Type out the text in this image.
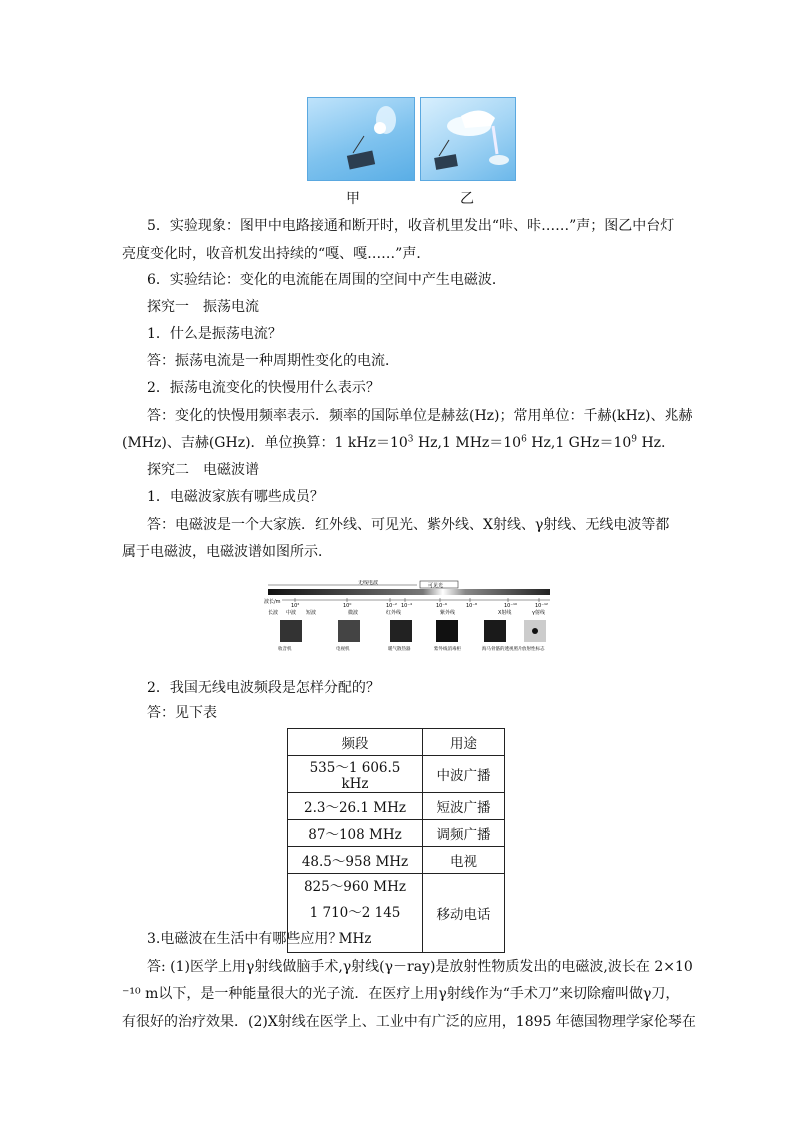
甲	乙
5．实验现象：图甲中电路接通和断开时，收音机里发出“咔、咔……”声；图乙中台灯
亮度变化时，收音机发出持续的“嘎、嘎……”声．
6．实验结论：变化的电流能在周围的空间中产生电磁波．
探究一　振荡电流
1．什么是振荡电流？
答：振荡电流是一种周期性变化的电流．
2．振荡电流变化的快慢用什么表示？
答：变化的快慢用频率表示．频率的国际单位是赫兹(Hz)；常用单位：千赫(kHz)、兆赫
(MHz)、吉赫(GHz)．单位换算：1 $kHz=10^3$ Hz,1 $MHz=10^6$ Hz,1 $GHz=10^9$ Hz.
探究二　电磁波谱
1．电磁波家族有哪些成员？
答：电磁波是一个大家族．红外线、可见光、紫外线、X射线、γ射线、无线电波等都
属于电磁波，电磁波谱如图所示．
可见光
无线电波
波长/m
10²	10⁰	10⁻² 10⁻⁴	10⁻⁶	10⁻⁸	10⁻¹⁰	10⁻¹²
长波 中波 短波	微波	红外线	紫外线	X射线	γ射线
收音机	电视机	暖气散热器	紫外线消毒柜	海马骨骼的透视照片 放射性标志
2．我国无线电波频段是怎样分配的？
答：见下表
频段	用途
535～1 606.5 kHz	中波广播
2.3～26.1 MHz	短波广播
87～108 MHz	调频广播
48.5～958 MHz	电视

825～960 MHz
1 710～2 145 MHz	移动电话
3.电磁波在生活中有哪些应用？
答: (1)医学上用γ射线做脑手术,γ射线(γ－ray)是放射性物质发出的电磁波,波长在 2×10
⁻¹⁰ m以下，是一种能量很大的光子流．在医疗上用γ射线作为“手术刀”来切除瘤叫做γ刀，
有很好的治疗效果．(2)X射线在医学上、工业中有广泛的应用，1895 年德国物理学家伦琴在
